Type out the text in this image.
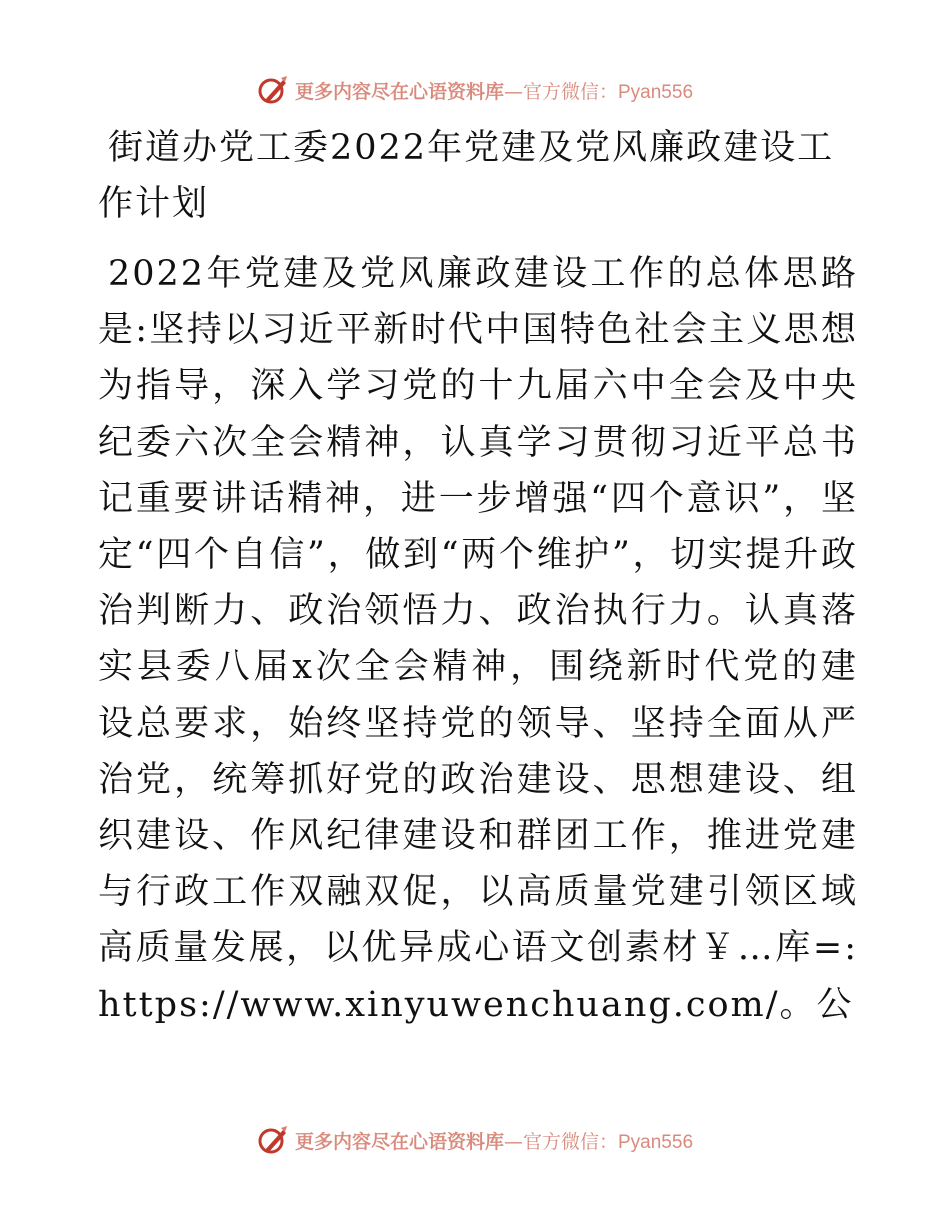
更多内容尽在心语资料库—官方微信：Pyan556
街道办党工委2022年党建及党风廉政建设工作计划

2022年党建及党风廉政建设工作的总体思路是:坚持以习近平新时代中国特色社会主义思想为指导，深入学习党的十九届六中全会及中央纪委六次全会精神，认真学习贯彻习近平总书记重要讲话精神，进一步增强“四个意识”，坚定“四个自信”，做到“两个维护”，切实提升政治判断力、政治领悟力、政治执行力。认真落实县委八届x次全会精神，围绕新时代党的建设总要求，始终坚持党的领导、坚持全面从严治党，统筹抓好党的政治建设、思想建设、组织建设、作风纪律建设和群团工作，推进党建与行政工作双融双促，以高质量党建引领区域高质量发展，以优异成心语文创素材￥…库=: https://www.xinyuwenchuang.com/。公

更多内容尽在心语资料库—官方微信：Pyan556
